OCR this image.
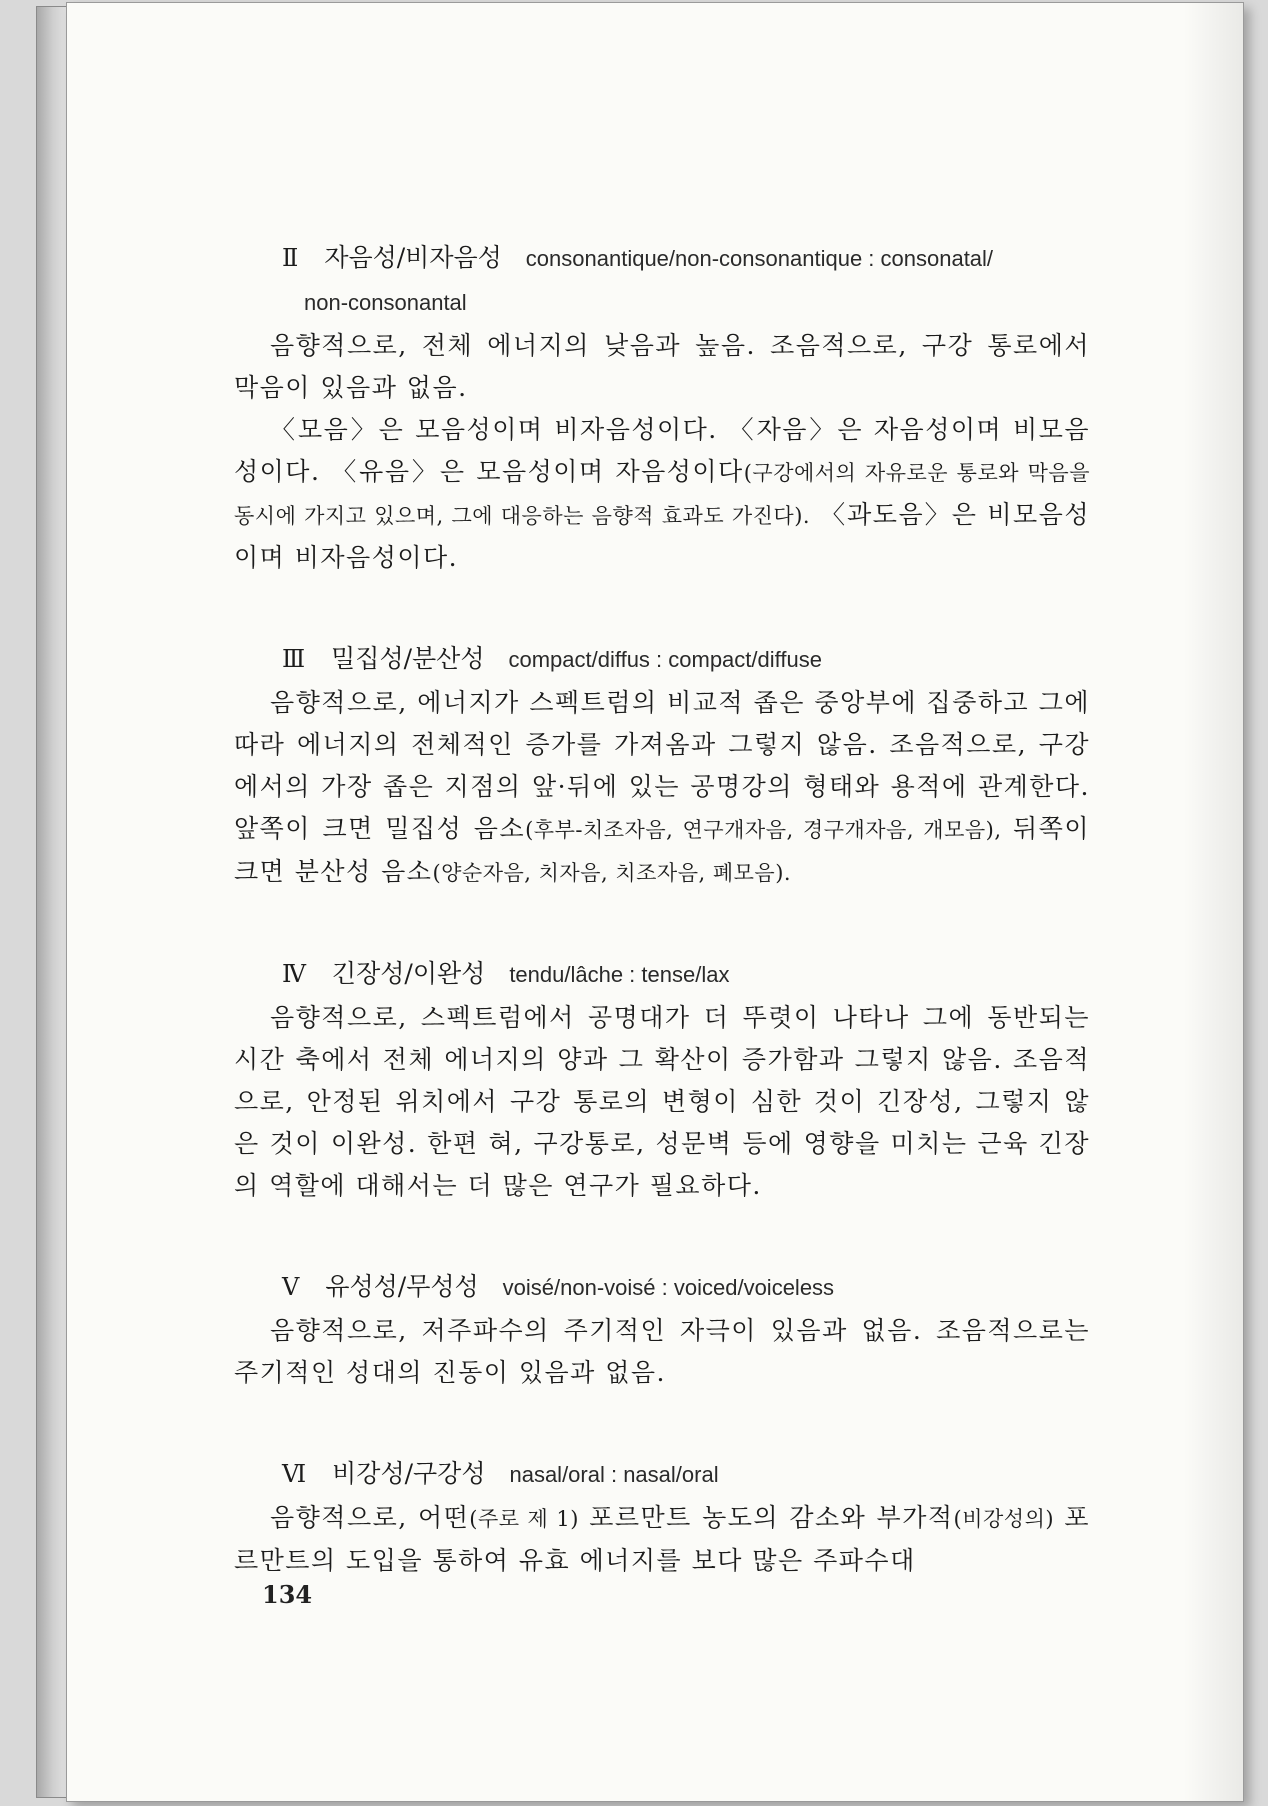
Ⅱ 자음성/비자음성 consonantique/non-consonantique : consonatal/
non-consonantal

음향적으로, 전체 에너지의 낮음과 높음. 조음적으로, 구강 통로에서 막음이 있음과 없음.

〈모음〉은 모음성이며 비자음성이다. 〈자음〉은 자음성이며 비모음성이다. 〈유음〉은 모음성이며 자음성이다(구강에서의 자유로운 통로와 막음을 동시에 가지고 있으며, 그에 대응하는 음향적 효과도 가진다). 〈과도음〉은 비모음성이며 비자음성이다.

Ⅲ 밀집성/분산성 compact/diffus : compact/diffuse

음향적으로, 에너지가 스펙트럼의 비교적 좁은 중앙부에 집중하고 그에 따라 에너지의 전체적인 증가를 가져옴과 그렇지 않음. 조음적으로, 구강에서의 가장 좁은 지점의 앞·뒤에 있는 공명강의 형태와 용적에 관계한다. 앞쪽이 크면 밀집성 음소(후부-치조자음, 연구개자음, 경구개자음, 개모음), 뒤쪽이 크면 분산성 음소(양순자음, 치자음, 치조자음, 폐모음).

Ⅳ 긴장성/이완성 tendu/lâche : tense/lax

음향적으로, 스펙트럼에서 공명대가 더 뚜렷이 나타나 그에 동반되는 시간 축에서 전체 에너지의 양과 그 확산이 증가함과 그렇지 않음. 조음적으로, 안정된 위치에서 구강 통로의 변형이 심한 것이 긴장성, 그렇지 않은 것이 이완성. 한편 혀, 구강통로, 성문벽 등에 영향을 미치는 근육 긴장의 역할에 대해서는 더 많은 연구가 필요하다.

Ⅴ 유성성/무성성 voisé/non-voisé : voiced/voiceless

음향적으로, 저주파수의 주기적인 자극이 있음과 없음. 조음적으로는 주기적인 성대의 진동이 있음과 없음.

Ⅵ 비강성/구강성 nasal/oral : nasal/oral

음향적으로, 어떤(주로 제 1) 포르만트 농도의 감소와 부가적(비강성의) 포르만트의 도입을 통하여 유효 에너지를 보다 많은 주파수대

134
